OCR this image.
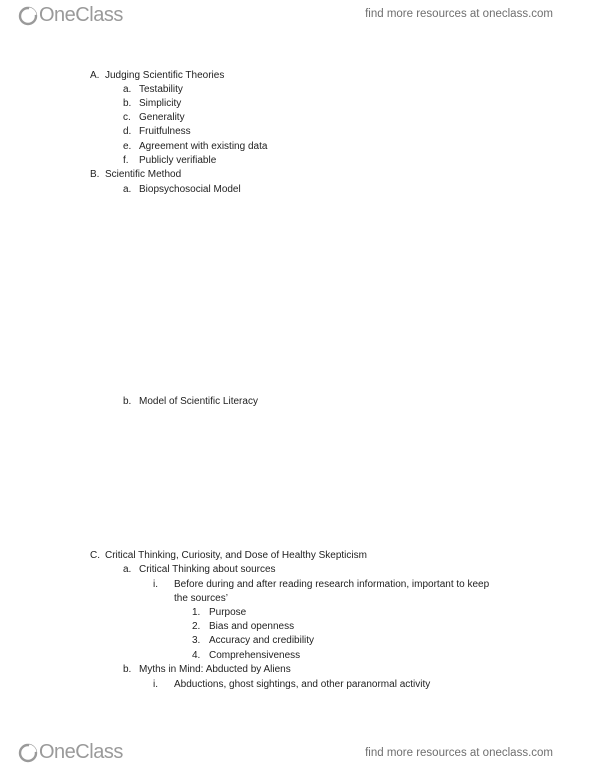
OneClass	find more resources at oneclass.com
A. Judging Scientific Theories
a. Testability
b. Simplicity
c. Generality
d. Fruitfulness
e. Agreement with existing data
f. Publicly verifiable
B. Scientific Method
a. Biopsychosocial Model
b. Model of Scientific Literacy
C. Critical Thinking, Curiosity, and Dose of Healthy Skepticism
a. Critical Thinking about sources
i. Before during and after reading research information, important to keep
the sources’
1. Purpose
2. Bias and openness
3. Accuracy and credibility
4. Comprehensiveness
b. Myths in Mind: Abducted by Aliens
i. Abductions, ghost sightings, and other paranormal activity
OneClass	find more resources at oneclass.com
